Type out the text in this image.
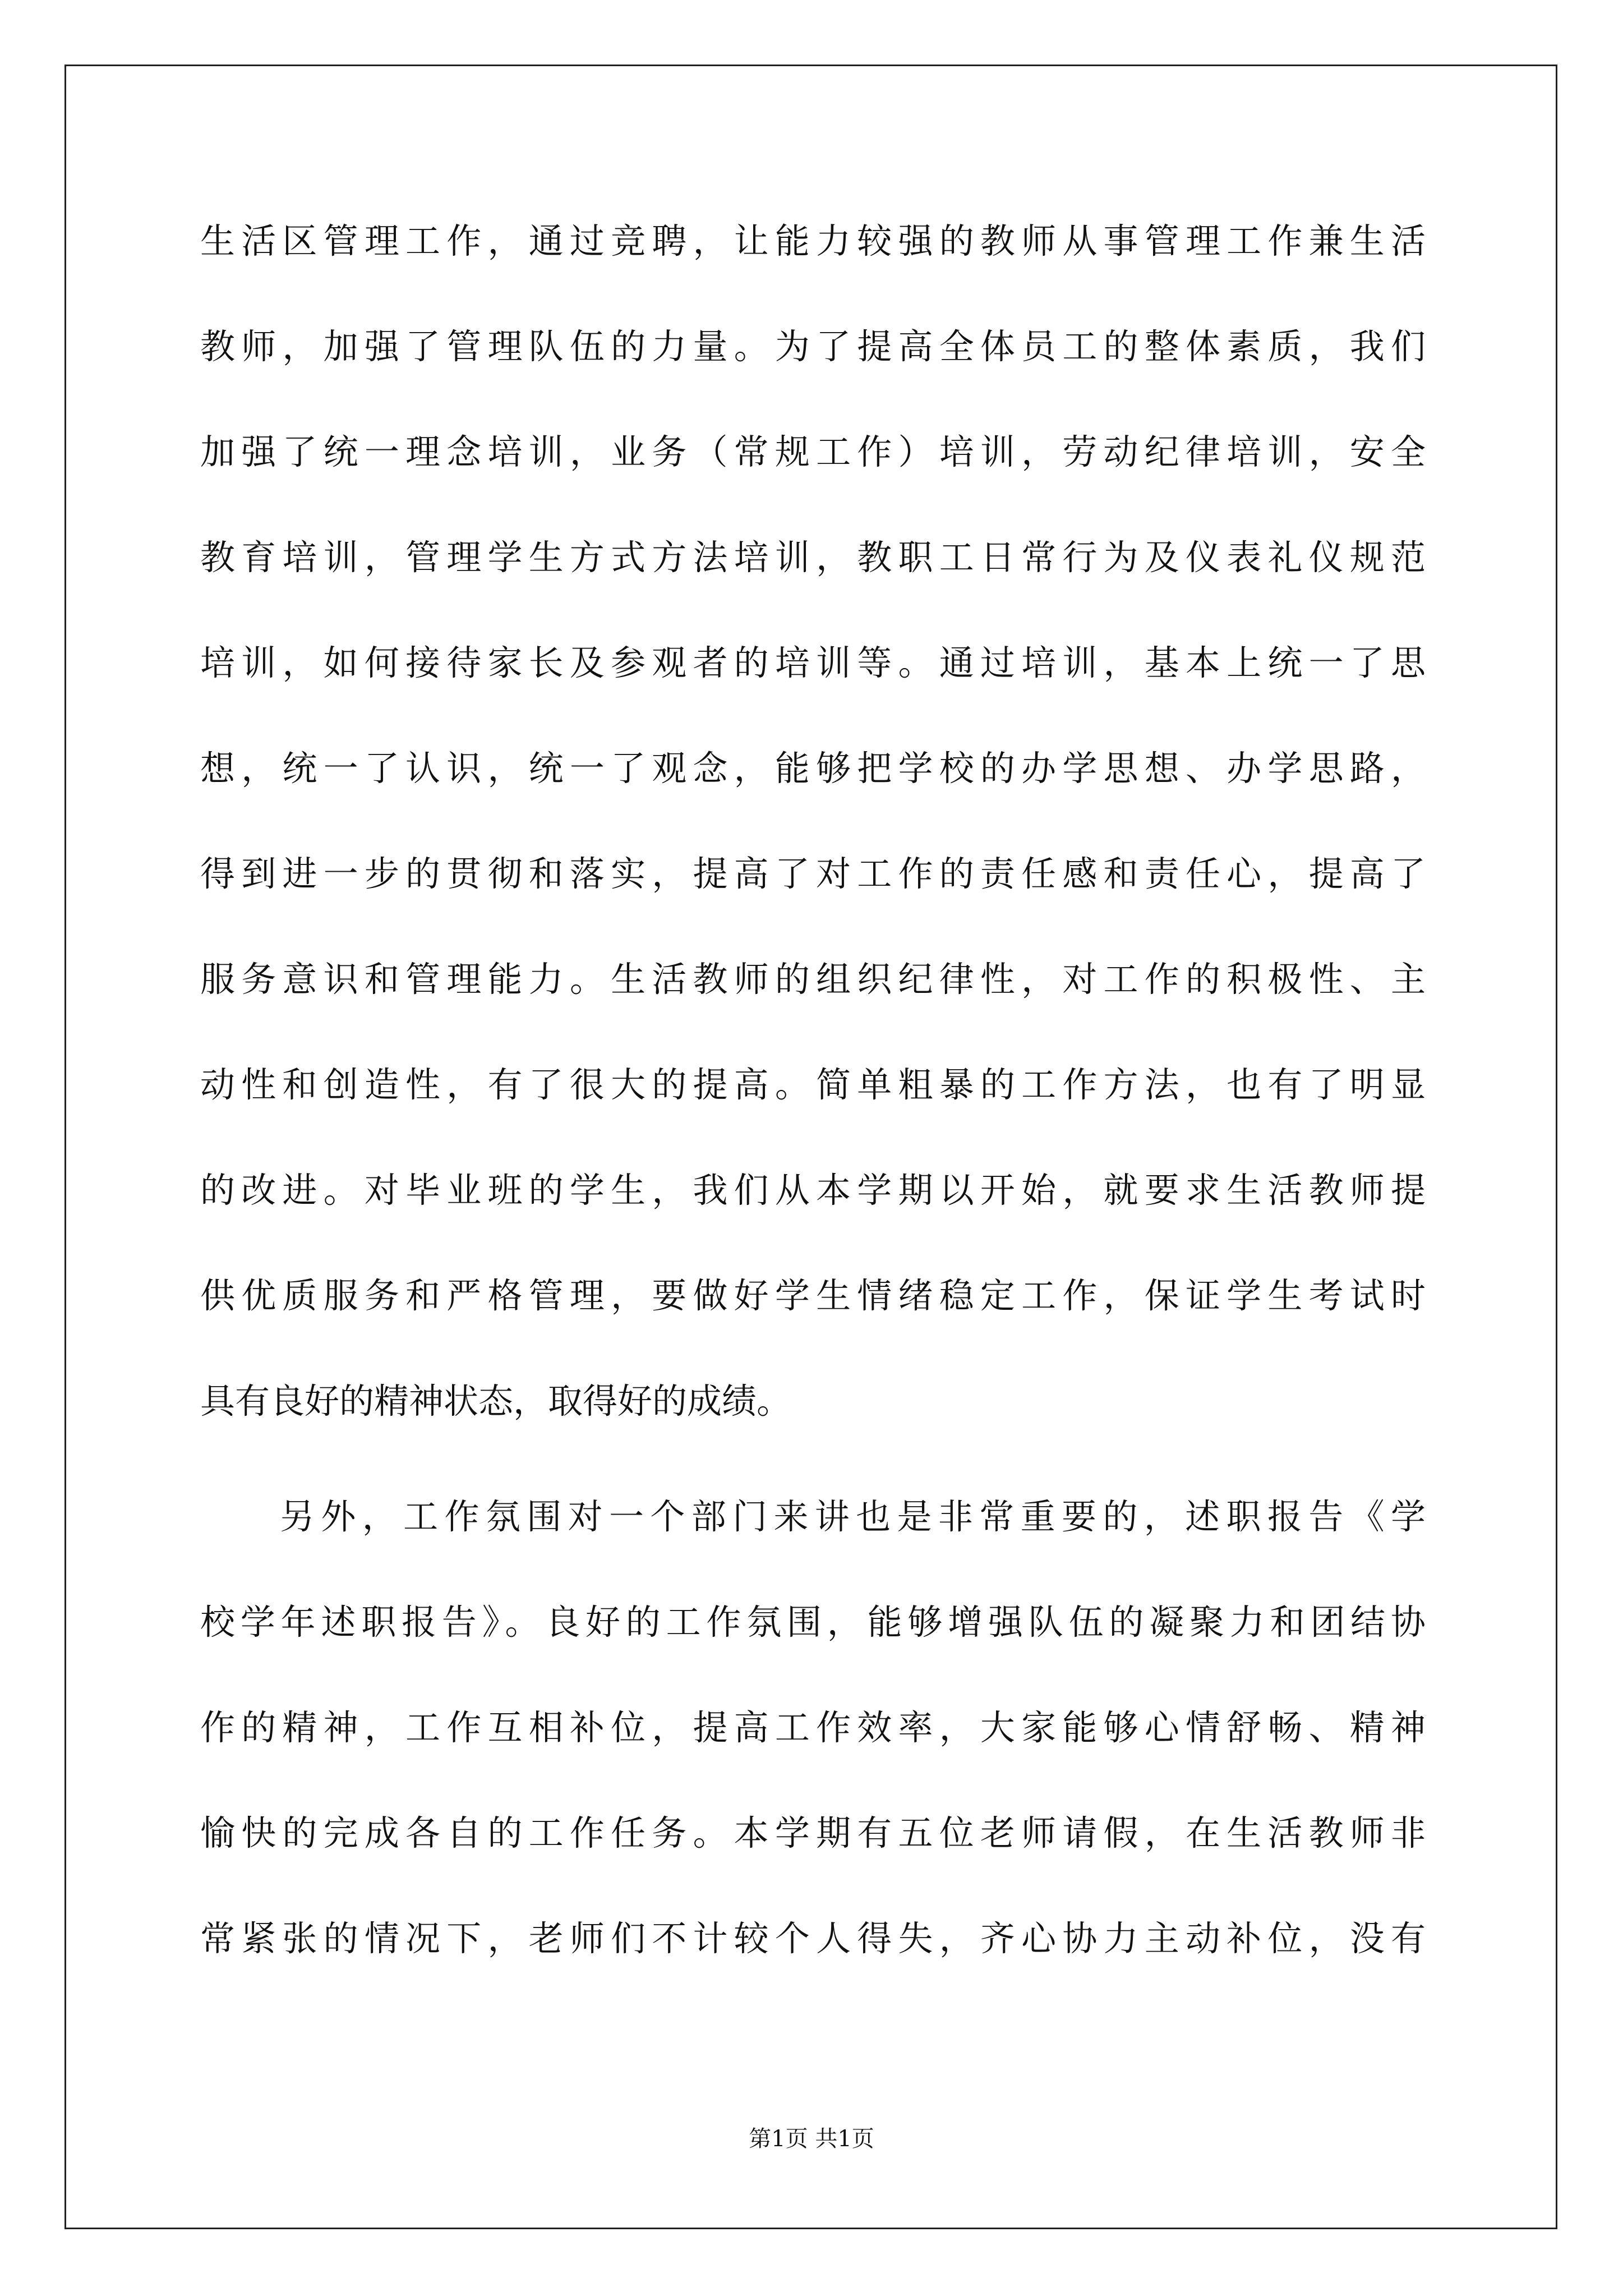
生活区管理工作，通过竞聘，让能力较强的教师从事管理工作兼生活
教师，加强了管理队伍的力量。为了提高全体员工的整体素质，我们
加强了统一理念培训，业务（常规工作）培训，劳动纪律培训，安全
教育培训，管理学生方式方法培训，教职工日常行为及仪表礼仪规范
培训，如何接待家长及参观者的培训等。通过培训，基本上统一了思
想，统一了认识，统一了观念，能够把学校的办学思想、办学思路，
得到进一步的贯彻和落实，提高了对工作的责任感和责任心，提高了
服务意识和管理能力。生活教师的组织纪律性，对工作的积极性、主
动性和创造性，有了很大的提高。简单粗暴的工作方法，也有了明显
的改进。对毕业班的学生，我们从本学期以开始，就要求生活教师提
供优质服务和严格管理，要做好学生情绪稳定工作，保证学生考试时
具有良好的精神状态，取得好的成绩。
另外，工作氛围对一个部门来讲也是非常重要的，述职报告《学
校学年述职报告》。良好的工作氛围，能够增强队伍的凝聚力和团结协
作的精神，工作互相补位，提高工作效率，大家能够心情舒畅、精神
愉快的完成各自的工作任务。本学期有五位老师请假，在生活教师非
常紧张的情况下，老师们不计较个人得失，齐心协力主动补位，没有
第1页 共1页
